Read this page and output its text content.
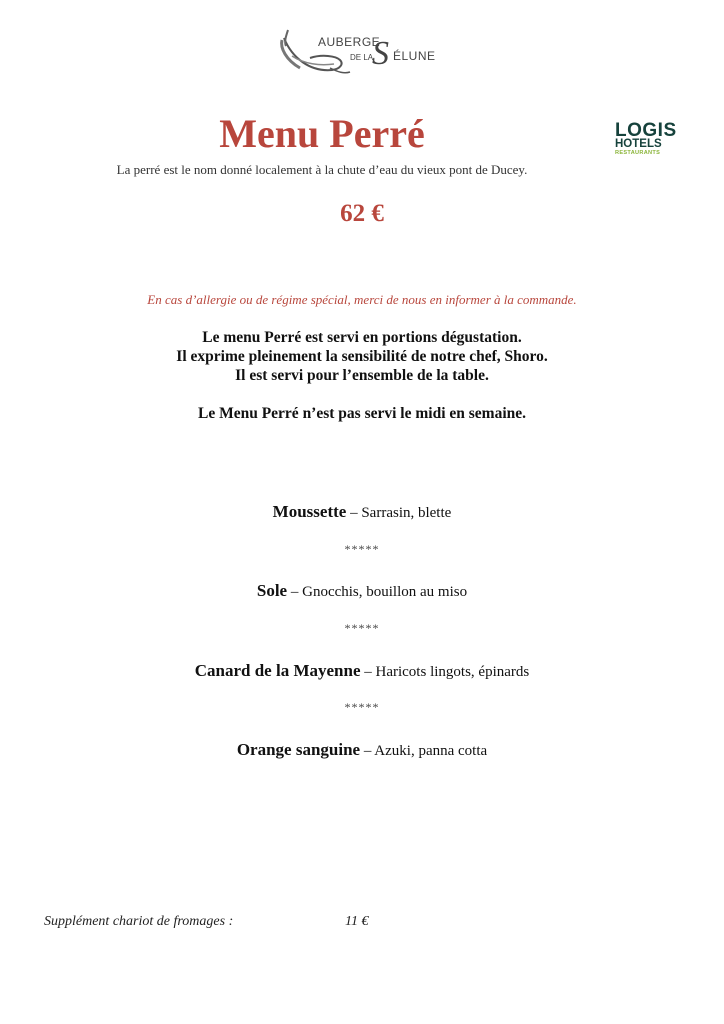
AUBERGE
DE LA
S ÉLUNE
LOGIS
HOTELS
RESTAURANTS
Menu Perré
La perré est le nom donné localement à la chute d’eau du vieux pont de Ducey.
62 €
En cas d’allergie ou de régime spécial, merci de nous en informer à la commande.
Le menu Perré est servi en portions dégustation.
Il exprime pleinement la sensibilité de notre chef, Shoro.
Il est servi pour l’ensemble de la table.
Le Menu Perré n’est pas servi le midi en semaine.
Moussette – Sarrasin, blette
*****
Sole – Gnocchis, bouillon au miso
*****
Canard de la Mayenne – Haricots lingots, épinards
*****
Orange sanguine – Azuki, panna cotta
Supplément chariot de fromages :	11 €
